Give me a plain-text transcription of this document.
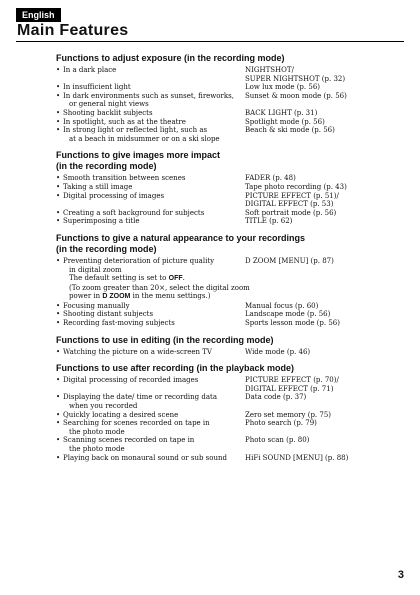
English
Main Features
Functions to adjust exposure (in the recording mode)
• In a dark place	NIGHTSHOT/
SUPER NIGHTSHOT (p. 32)
• In insufficient light	Low lux mode (p. 56)
• In dark environments such as sunset, fireworks,
or general night views
Sunset & moon mode (p. 56)
• Shooting backlit subjects	BACK LIGHT (p. 31)
• In spotlight, such as at the theatre	Spotlight mode (p. 56)
• In strong light or reflected light, such as
at a beach in midsummer or on a ski slope
Beach & ski mode (p. 56)
Functions to give images more impact
(in the recording mode)
• Smooth transition between scenes	FADER (p. 48)
• Taking a still image	Tape photo recording (p. 43)
• Digital processing of images	PICTURE EFFECT (p. 51)/
DIGITAL EFFECT (p. 53)
• Creating a soft background for subjects	Soft portrait mode (p. 56)
• Superimposing a title	TITLE (p. 62)
Functions to give a natural appearance to your recordings
(in the recording mode)
• Preventing deterioration of picture quality
in digital zoom
D ZOOM [MENU] (p. 87)
The default setting is set to OFF.
(To zoom greater than 20×, select the digital zoom
power in D ZOOM in the menu settings.)
• Focusing manually	Manual focus (p. 60)
• Shooting distant subjects	Landscape mode (p. 56)
• Recording fast-moving subjects	Sports lesson mode (p. 56)
Functions to use in editing (in the recording mode)
• Watching the picture on a wide-screen TV	Wide mode (p. 46)
Functions to use after recording (in the playback mode)
• Digital processing of recorded images	PICTURE EFFECT (p. 70)/
DIGITAL EFFECT (p. 71)
• Displaying the date/ time or recording data
when you recorded
Data code (p. 37)
• Quickly locating a desired scene	Zero set memory (p. 75)
• Searching for scenes recorded on tape in
the photo mode
Photo search (p. 79)
• Scanning scenes recorded on tape in
the photo mode
Photo scan (p. 80)
• Playing back on monaural sound or sub sound	HiFi SOUND [MENU] (p. 88)
3
